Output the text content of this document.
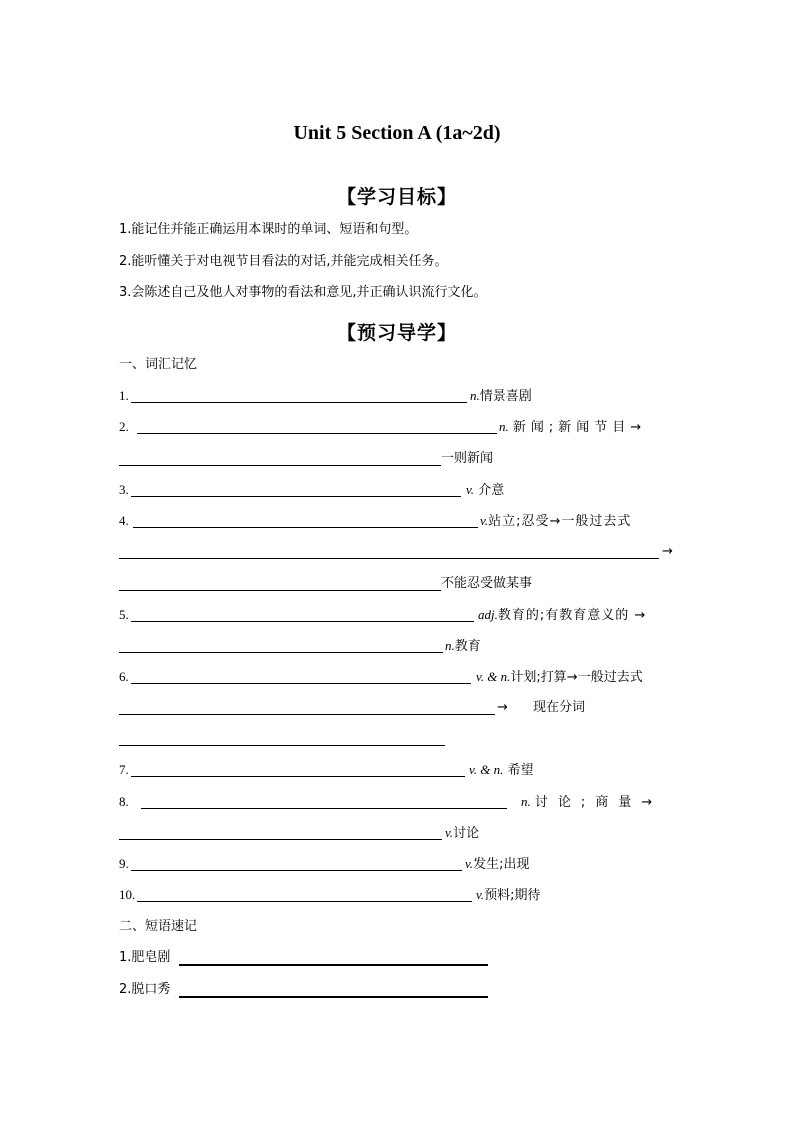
Unit 5 Section A (1a~2d)
【学习目标】
1.能记住并能正确运用本课时的单词、短语和句型。
2.能听懂关于对电视节目看法的对话,并能完成相关任务。
3.会陈述自己及他人对事物的看法和意见,并正确认识流行文化。
【预习导学】
一、词汇记忆
1.	n.情景喜剧
2.	n. 新闻;新闻节目→
一则新闻
3.	v. 介意
4.	v.站立;忍受→一般过去式
→
不能忍受做某事
5.	adj.教育的;有教育意义的 →
n.教育
6.	v. & n.计划;打算→一般过去式
→ 现在分词
7.	v. & n. 希望
8.	n. 讨论;商量→
v.讨论
9.	v.发生;出现
10.	v.预料;期待
二、短语速记
1.肥皂剧
2.脱口秀
